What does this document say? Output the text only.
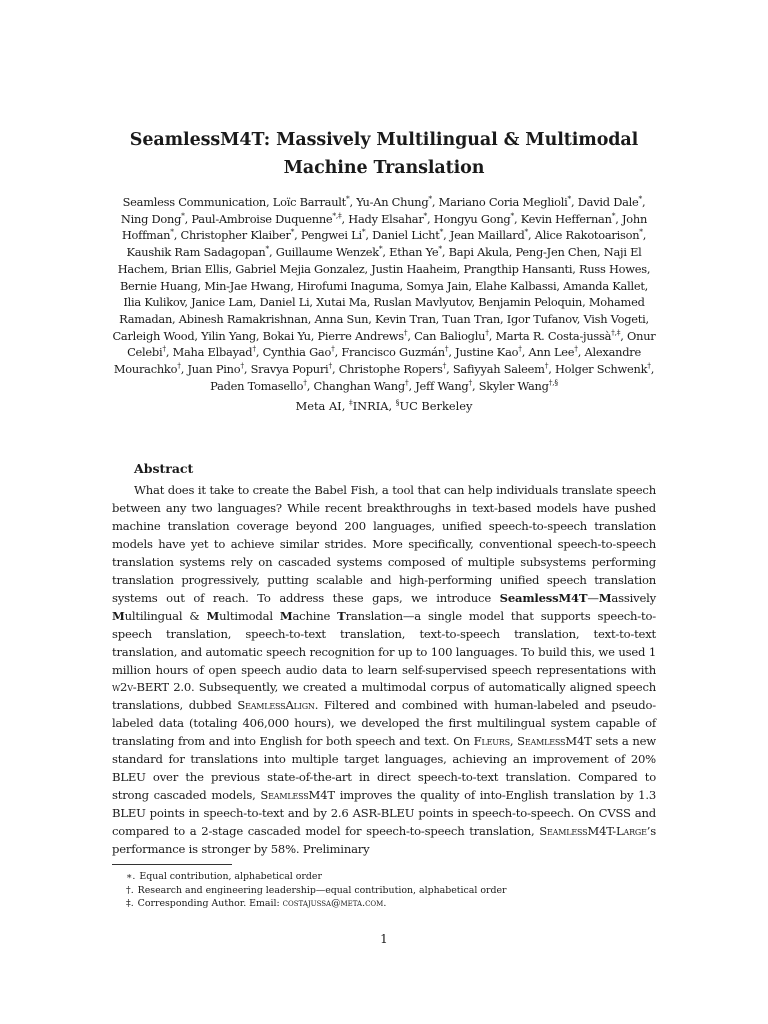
SeamlessM4T: Massively Multilingual & Multimodal Machine Translation
Seamless Communication, Loïc Barrault*, Yu-An Chung*, Mariano Coria Meglioli*, David Dale*, Ning Dong*, Paul-Ambroise Duquenne*,‡, Hady Elsahar*, Hongyu Gong*, Kevin Heffernan*, John Hoffman*, Christopher Klaiber*, Pengwei Li*, Daniel Licht*, Jean Maillard*, Alice Rakotoarison*, Kaushik Ram Sadagopan*, Guillaume Wenzek*, Ethan Ye*, Bapi Akula, Peng-Jen Chen, Naji El Hachem, Brian Ellis, Gabriel Mejia Gonzalez, Justin Haaheim, Prangthip Hansanti, Russ Howes, Bernie Huang, Min-Jae Hwang, Hirofumi Inaguma, Somya Jain, Elahe Kalbassi, Amanda Kallet, Ilia Kulikov, Janice Lam, Daniel Li, Xutai Ma, Ruslan Mavlyutov, Benjamin Peloquin, Mohamed Ramadan, Abinesh Ramakrishnan, Anna Sun, Kevin Tran, Tuan Tran, Igor Tufanov, Vish Vogeti, Carleigh Wood, Yilin Yang, Bokai Yu, Pierre Andrews†, Can Balioglu†, Marta R. Costa-jussà†,‡, Onur Celebi†, Maha Elbayad†, Cynthia Gao†, Francisco Guzmán†, Justine Kao†, Ann Lee†, Alexandre Mourachko†, Juan Pino†, Sravya Popuri†, Christophe Ropers†, Safiyyah Saleem†, Holger Schwenk†, Paden Tomasello†, Changhan Wang†, Jeff Wang†, Skyler Wang†,§
Meta AI, ‡INRIA, §UC Berkeley
Abstract
What does it take to create the Babel Fish, a tool that can help individuals translate speech between any two languages? While recent breakthroughs in text-based models have pushed machine translation coverage beyond 200 languages, unified speech-to-speech translation models have yet to achieve similar strides. More specifically, conventional speech-to-speech translation systems rely on cascaded systems composed of multiple subsystems performing translation progressively, putting scalable and high-performing unified speech translation systems out of reach. To address these gaps, we introduce SeamlessM4T—Massively Multilingual & Multimodal Machine Translation—a single model that supports speech-to-speech translation, speech-to-text translation, text-to-speech translation, text-to-text translation, and automatic speech recognition for up to 100 languages. To build this, we used 1 million hours of open speech audio data to learn self-supervised speech representations with w2v-BERT 2.0. Subsequently, we created a multimodal corpus of automatically aligned speech translations, dubbed SeamlessAlign. Filtered and combined with human-labeled and pseudo-labeled data (totaling 406,000 hours), we developed the first multilingual system capable of translating from and into English for both speech and text. On Fleurs, SeamlessM4T sets a new standard for translations into multiple target languages, achieving an improvement of 20% BLEU over the previous state-of-the-art in direct speech-to-text translation. Compared to strong cascaded models, SeamlessM4T improves the quality of into-English translation by 1.3 BLEU points in speech-to-text and by 2.6 ASR-BLEU points in speech-to-speech. On CVSS and compared to a 2-stage cascaded model for speech-to-speech translation, SeamlessM4T-Large’s performance is stronger by 58%. Preliminary
∗. Equal contribution, alphabetical order
†. Research and engineering leadership—equal contribution, alphabetical order
‡. Corresponding Author. Email: costajussa@meta.com.
1
